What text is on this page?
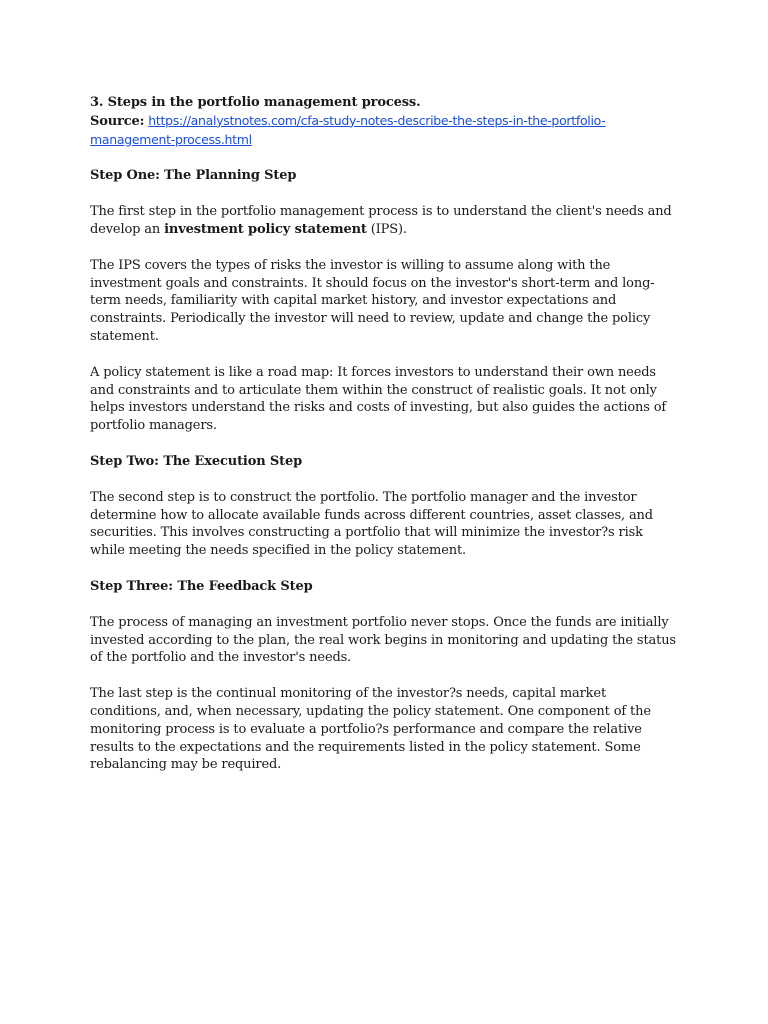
3. Steps in the portfolio management process.

Source: https://analystnotes.com/cfa-study-notes-describe-the-steps-in-the-portfolio-management-process.html

Step One: The Planning Step

The first step in the portfolio management process is to understand the client's needs and develop an investment policy statement (IPS).

The IPS covers the types of risks the investor is willing to assume along with the investment goals and constraints. It should focus on the investor's short-term and long-term needs, familiarity with capital market history, and investor expectations and constraints. Periodically the investor will need to review, update and change the policy statement.

A policy statement is like a road map: It forces investors to understand their own needs and constraints and to articulate them within the construct of realistic goals. It not only helps investors understand the risks and costs of investing, but also guides the actions of portfolio managers.

Step Two: The Execution Step

The second step is to construct the portfolio. The portfolio manager and the investor determine how to allocate available funds across different countries, asset classes, and securities. This involves constructing a portfolio that will minimize the investor?s risk while meeting the needs specified in the policy statement.

Step Three: The Feedback Step

The process of managing an investment portfolio never stops. Once the funds are initially invested according to the plan, the real work begins in monitoring and updating the status of the portfolio and the investor's needs.

The last step is the continual monitoring of the investor?s needs, capital market conditions, and, when necessary, updating the policy statement. One component of the monitoring process is to evaluate a portfolio?s performance and compare the relative results to the expectations and the requirements listed in the policy statement. Some rebalancing may be required.
